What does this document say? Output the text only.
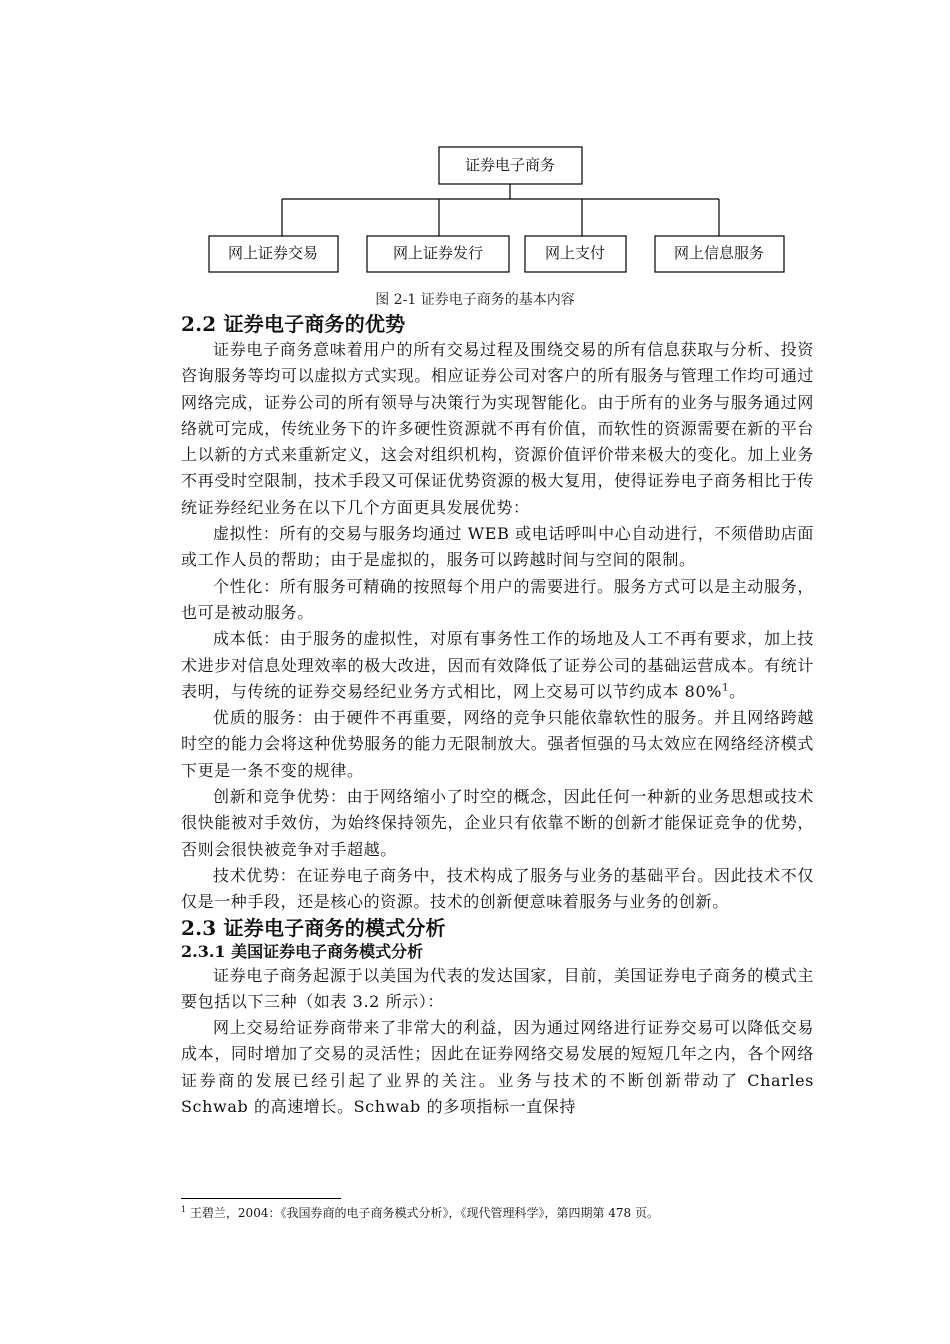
证券电子商务
网上证券交易	网上证券发行	网上支付	网上信息服务
图 2-1 证券电子商务的基本内容
2.2 证券电子商务的优势

证券电子商务意味着用户的所有交易过程及围绕交易的所有信息获取与分析、投资咨询服务等均可以虚拟方式实现。相应证券公司对客户的所有服务与管理工作均可通过网络完成，证券公司的所有领导与决策行为实现智能化。由于所有的业务与服务通过网络就可完成，传统业务下的许多硬性资源就不再有价值，而软性的资源需要在新的平台上以新的方式来重新定义，这会对组织机构，资源价值评价带来极大的变化。加上业务不再受时空限制，技术手段又可保证优势资源的极大复用，使得证券电子商务相比于传统证券经纪业务在以下几个方面更具发展优势：

虚拟性：所有的交易与服务均通过 WEB 或电话呼叫中心自动进行，不须借助店面或工作人员的帮助；由于是虚拟的，服务可以跨越时间与空间的限制。

个性化：所有服务可精确的按照每个用户的需要进行。服务方式可以是主动服务，也可是被动服务。

成本低：由于服务的虚拟性，对原有事务性工作的场地及人工不再有要求，加上技术进步对信息处理效率的极大改进，因而有效降低了证券公司的基础运营成本。有统计表明，与传统的证券交易经纪业务方式相比，网上交易可以节约成本 80%$^1$。

优质的服务：由于硬件不再重要，网络的竞争只能依靠软性的服务。并且网络跨越时空的能力会将这种优势服务的能力无限制放大。强者恒强的马太效应在网络经济模式下更是一条不变的规律。

创新和竞争优势：由于网络缩小了时空的概念，因此任何一种新的业务思想或技术很快能被对手效仿，为始终保持领先，企业只有依靠不断的创新才能保证竞争的优势，否则会很快被竞争对手超越。

技术优势：在证券电子商务中，技术构成了服务与业务的基础平台。因此技术不仅仅是一种手段，还是核心的资源。技术的创新便意味着服务与业务的创新。

2.3 证券电子商务的模式分析
2.3.1 美国证券电子商务模式分析

证券电子商务起源于以美国为代表的发达国家，目前，美国证券电子商务的模式主要包括以下三种（如表 3.2 所示）：

网上交易给证券商带来了非常大的利益，因为通过网络进行证券交易可以降低交易成本，同时增加了交易的灵活性；因此在证券网络交易发展的短短几年之内，各个网络证券商的发展已经引起了业界的关注。业务与技术的不断创新带动了 Charles Schwab 的高速增长。Schwab 的多项指标一直保持

$^1$ 王碧兰，2004：《我国券商的电子商务模式分析》，《现代管理科学》，第四期第 478 页。
